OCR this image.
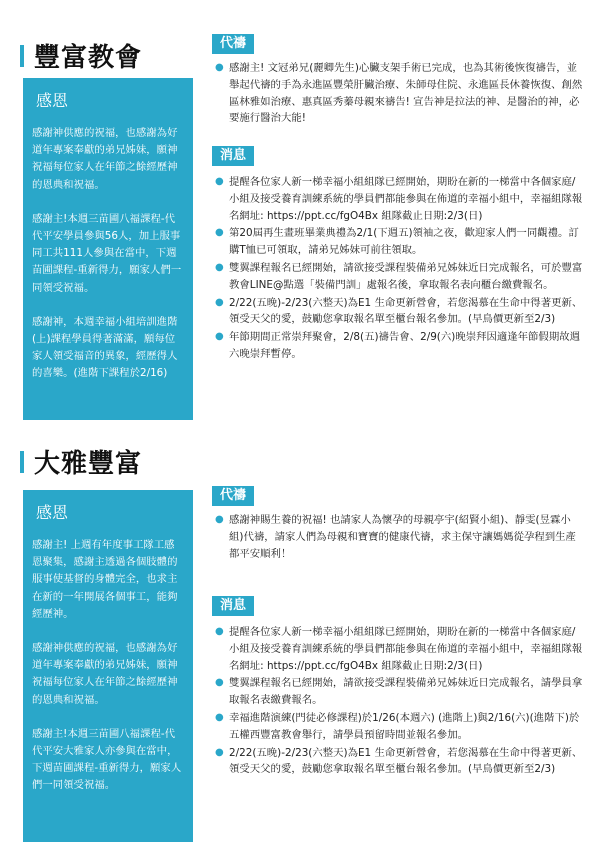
豐富教會
感恩
感謝神供應的祝福，也感謝為好道年專案奉獻的弟兄姊妹，願神祝福每位家人在年節之餘經歷神的恩典和祝福。
感謝主!本週三苗圃八福課程-代代平安學員參與56人，加上服事同工共111人參與在當中，下週苗圃課程-重新得力，願家人們一同領受祝福。
感謝神，本週幸福小組培訓進階(上)課程學員得著滿滿，願每位家人領受福音的異象，經歷得人的喜樂。(進階下課程於2/16)
代禱
● 感謝主! 文冠弟兄(麗卿先生)心臟支架手術已完成，也為其術後恢復禱告，並舉起代禱的手為永進區豐榮肝臟治療、朱師母住院、永進區長休養恢復、創然區林雅如治療、惠真區秀蓁母親來禱告! 宣告神是拉法的神、是醫治的神，必要施行醫治大能!
消息
● 提醒各位家人新一梯幸福小組組隊已經開始，期盼在新的一梯當中各個家庭/小組及接受養育訓練系統的學員們都能參與在佈道的幸福小組中，幸福組隊報名網址: https://ppt.cc/fgO4Bx 組隊截止日期:2/3(日)
● 第20屆再生畫班畢業典禮為2/1(下週五)領袖之夜，歡迎家人們一同觀禮。訂購T恤已可領取，請弟兄姊妹可前往領取。
● 雙翼課程報名已經開始，請欲接受課程裝備弟兄姊妹近日完成報名，可於豐富教會LINE@點選「裝備門訓」處報名後，拿取報名表向櫃台繳費報名。
● 2/22(五晚)-2/23(六整天)為E1 生命更新營會，若您渴慕在生命中得著更新、領受天父的愛，鼓勵您拿取報名單至櫃台報名參加。(早鳥價更新至2/3)
● 年節期間正常崇拜聚會，2/8(五)禱告會、2/9(六)晚崇拜因適逢年節假期故週六晚崇拜暫停。
大雅豐富
感恩
感謝主! 上週有年度事工隊工感恩聚集，感謝主透過各個肢體的服事使基督的身體完全，也求主在新的一年開展各個事工，能夠經歷神。
感謝神供應的祝福，也感謝為好道年專案奉獻的弟兄姊妹，願神祝福每位家人在年節之餘經歷神的恩典和祝福。
感謝主!本週三苗圃八福課程-代代平安大雅家人亦參與在當中，下週苗圃課程-重新得力，願家人們一同領受祝福。
代禱
● 感謝神賜生養的祝福! 也請家人為懷孕的母親亭宇(紹賢小組)、靜雯(昱霖小組)代禱，請家人們為母親和寶寶的健康代禱，求主保守讓媽媽從孕程到生產都平安順利！
消息
● 提醒各位家人新一梯幸福小組組隊已經開始，期盼在新的一梯當中各個家庭/小組及接受養育訓練系統的學員們都能參與在佈道的幸福小組中，幸福組隊報名網址: https://ppt.cc/fgO4Bx 組隊截止日期:2/3(日)
● 雙翼課程報名已經開始，請欲接受課程裝備弟兄姊妹近日完成報名，請學員拿取報名表繳費報名。
● 幸福進階演練(門徒必修課程)於1/26(本週六) (進階上)與2/16(六)(進階下)於五權西豐富教會舉行，請學員預留時間並報名參加。
● 2/22(五晚)-2/23(六整天)為E1 生命更新營會，若您渴慕在生命中得著更新、領受天父的愛，鼓勵您拿取報名單至櫃台報名參加。(早鳥價更新至2/3)
